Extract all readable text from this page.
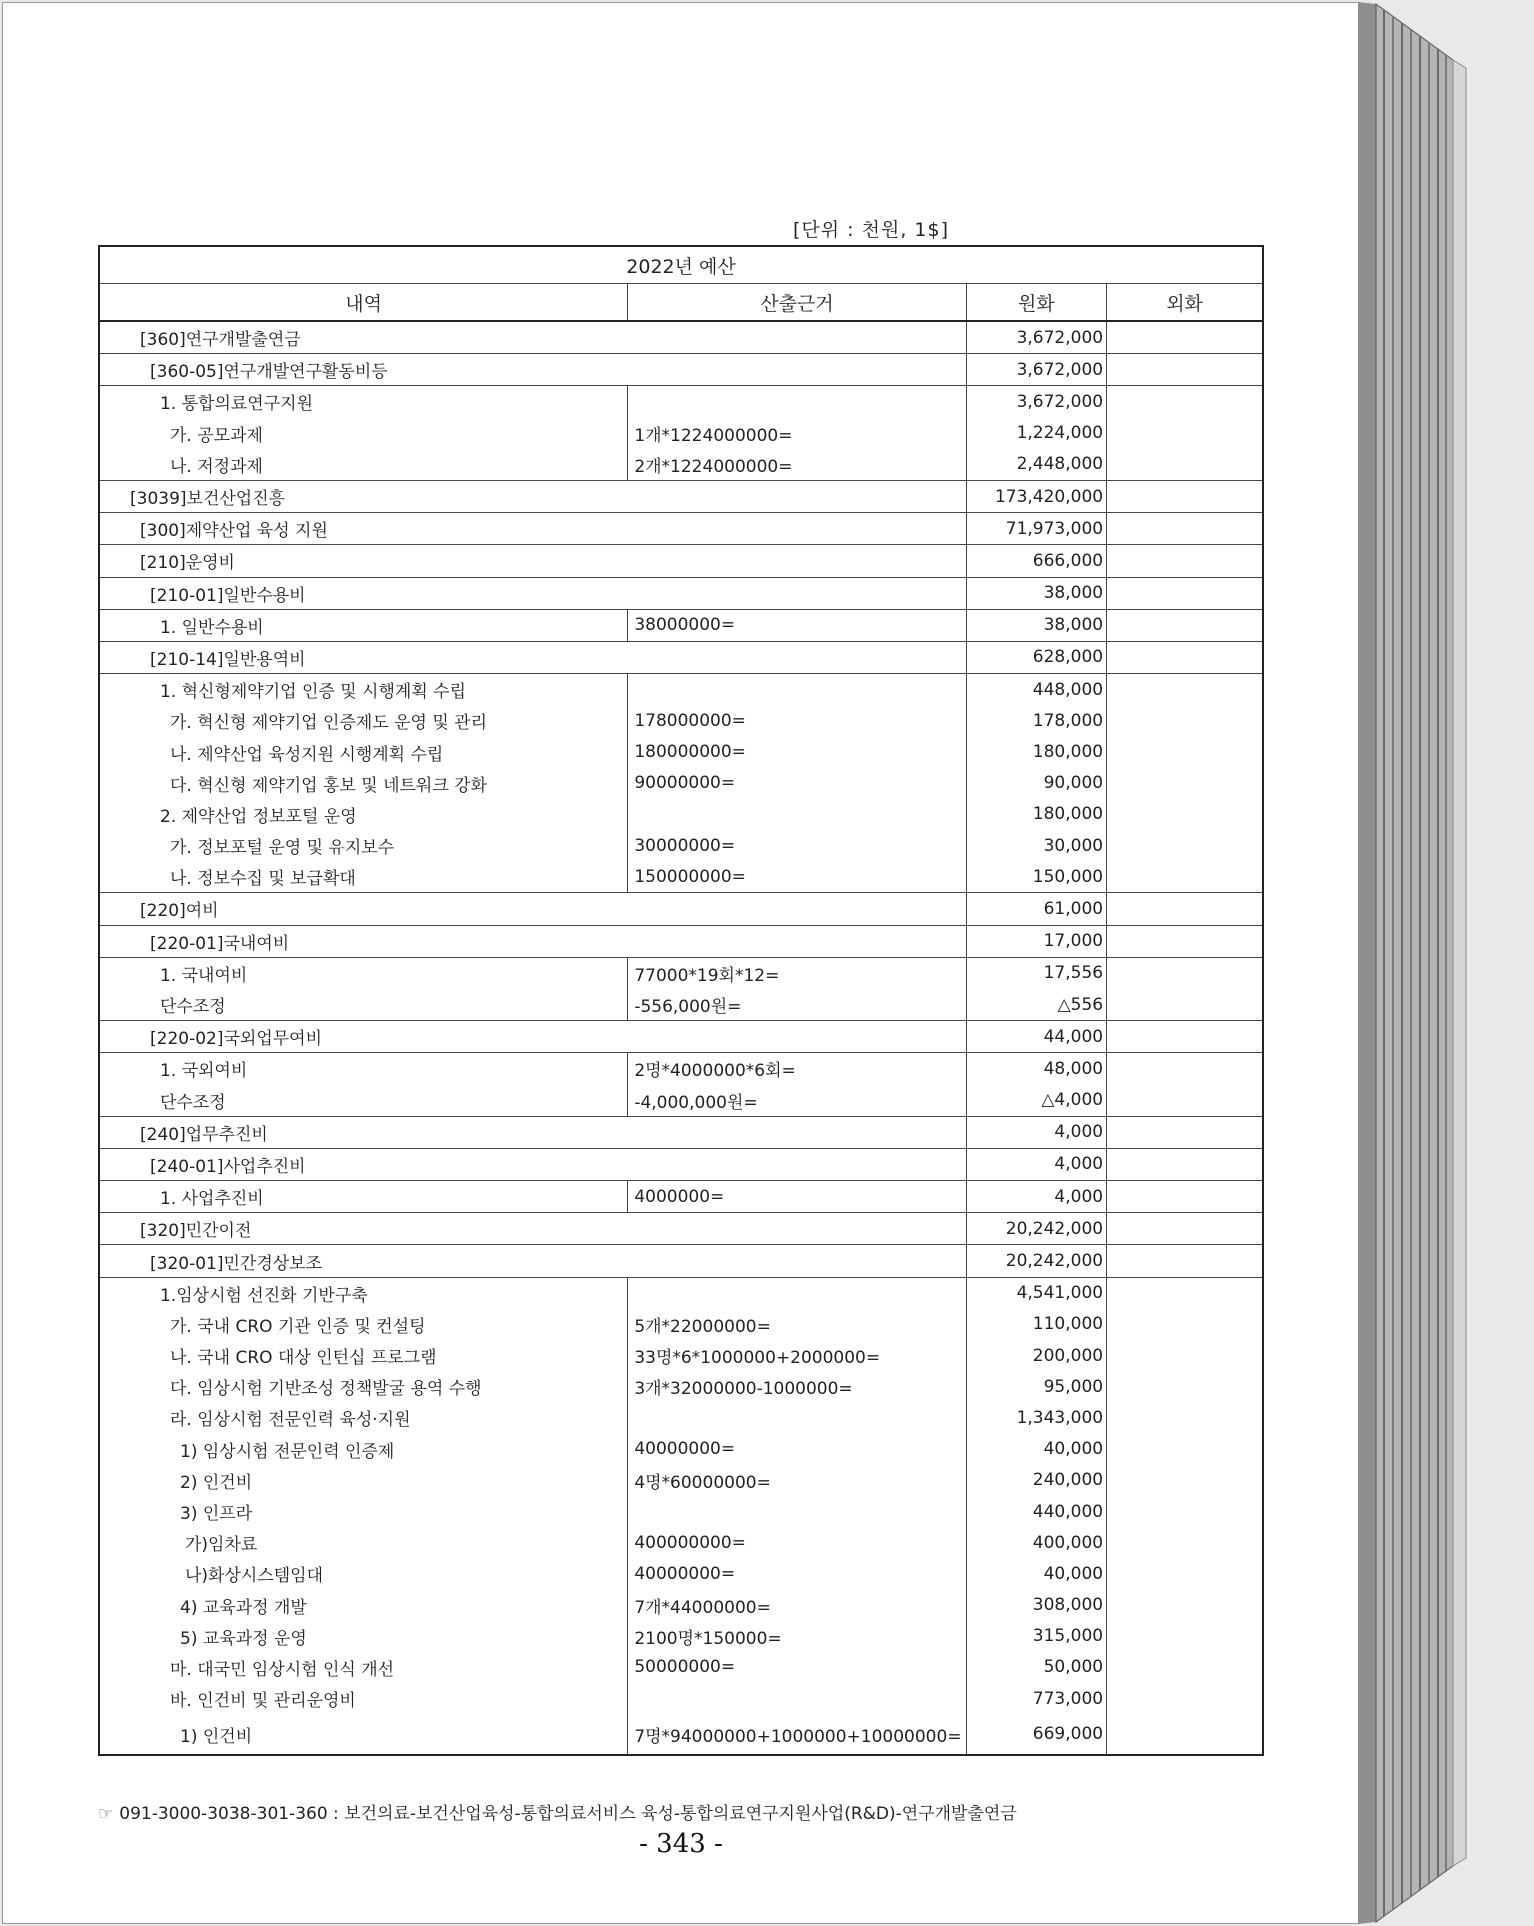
[단위 : 천원, 1$]
2022년 예산			
내역	산출근거	원화	외화
[360]연구개발출연금		3,672,000	
[360-05]연구개발연구활동비등		3,672,000	
1. 통합의료연구지원		3,672,000	
가. 공모과제	1개*1224000000=	1,224,000	
나. 저정과제	2개*1224000000=	2,448,000	
[3039]보건산업진흥		173,420,000	
[300]제약산업 육성 지원		71,973,000	
[210]운영비		666,000	
[210-01]일반수용비		38,000	
1. 일반수용비	38000000=	38,000	
[210-14]일반용역비		628,000	
1. 혁신형제약기업 인증 및 시행계획 수립		448,000	
가. 혁신형 제약기업 인증제도 운영 및 관리	178000000=	178,000	
나. 제약산업 육성지원 시행계획 수립	180000000=	180,000	
다. 혁신형 제약기업 홍보 및 네트워크 강화	90000000=	90,000	
2. 제약산업 정보포털 운영		180,000	
가. 정보포털 운영 및 유지보수	30000000=	30,000	
나. 정보수집 및 보급확대	150000000=	150,000	
[220]여비		61,000	
[220-01]국내여비		17,000	
1. 국내여비	77000*19회*12=	17,556	
단수조정	-556,000원=	△556	
[220-02]국외업무여비		44,000	
1. 국외여비	2명*4000000*6회=	48,000	
단수조정	-4,000,000원=	△4,000	
[240]업무추진비		4,000	
[240-01]사업추진비		4,000	
1. 사업추진비	4000000=	4,000	
[320]민간이전		20,242,000	
[320-01]민간경상보조		20,242,000	
1.임상시험 선진화 기반구축		4,541,000	
가. 국내 CRO 기관 인증 및 컨설팅	5개*22000000=	110,000	
나. 국내 CRO 대상 인턴십 프로그램	33명*6*1000000+2000000=	200,000	
다. 임상시험 기반조성 정책발굴 용역 수행	3개*32000000-1000000=	95,000	
라. 임상시험 전문인력 육성·지원		1,343,000	
1) 임상시험 전문인력 인증제	40000000=	40,000	
2) 인건비	4명*60000000=	240,000	
3) 인프라		440,000	
가)임차료	400000000=	400,000	
나)화상시스템임대	40000000=	40,000	
4) 교육과정 개발	7개*44000000=	308,000	
5) 교육과정 운영	2100명*150000=	315,000	
마. 대국민 임상시험 인식 개선	50000000=	50,000	
바. 인건비 및 관리운영비		773,000	
1) 인건비	7명*94000000+1000000+10000000=	669,000	
☞ 091-3000-3038-301-360 : 보건의료-보건산업육성-통합의료서비스 육성-통합의료연구지원사업(R&D)-연구개발출연금
- 343 -
